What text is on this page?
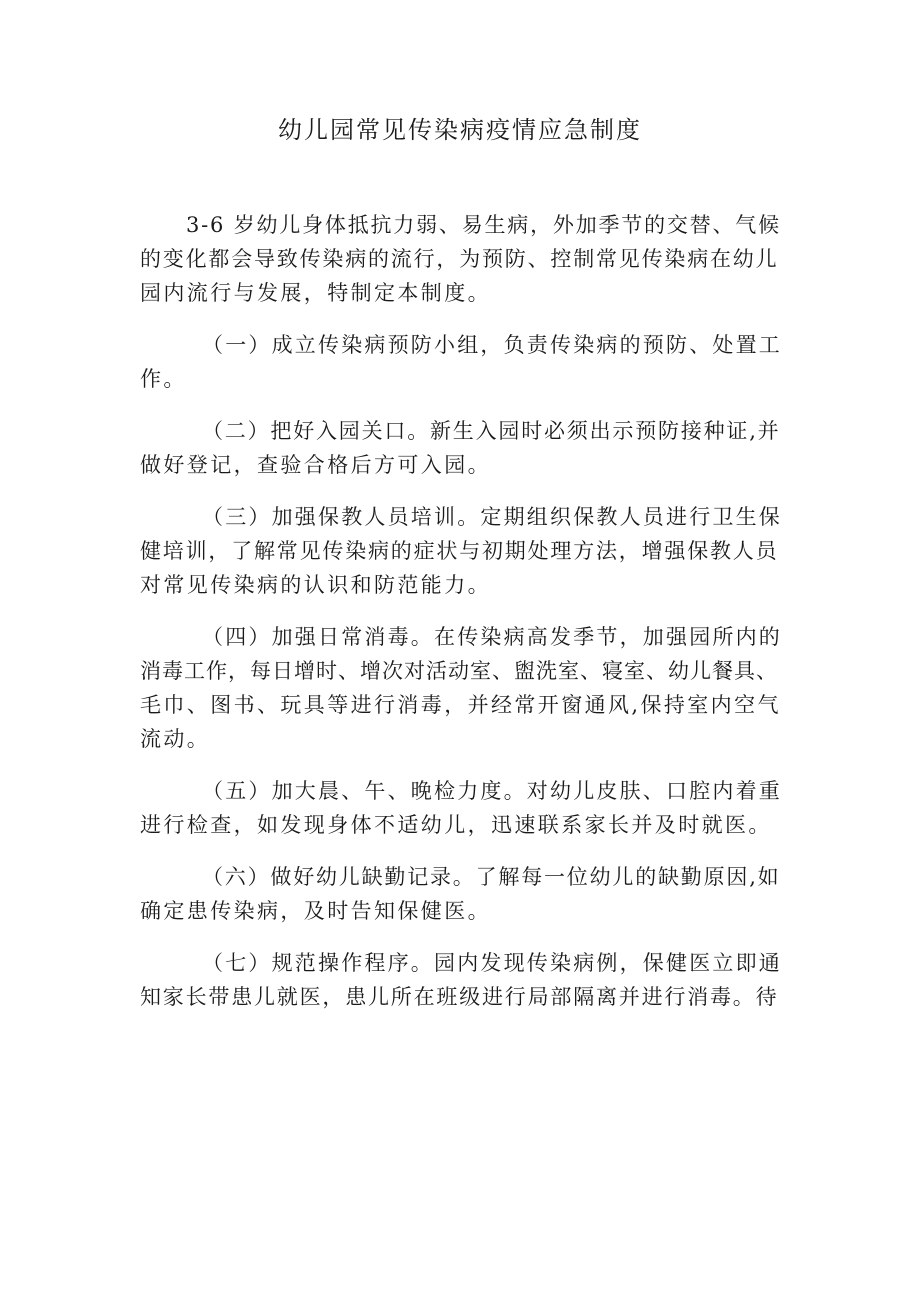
幼儿园常见传染病疫情应急制度
3-6 岁幼儿身体抵抗力弱、易生病，外加季节的交替、气候
的变化都会导致传染病的流行，为预防、控制常见传染病在幼儿
园内流行与发展，特制定本制度。
（一）成立传染病预防小组，负责传染病的预防、处置工
作。
（二）把好入园关口。新生入园时必须出示预防接种证,并
做好登记，查验合格后方可入园。
（三）加强保教人员培训。定期组织保教人员进行卫生保
健培训，了解常见传染病的症状与初期处理方法，增强保教人员
对常见传染病的认识和防范能力。
（四）加强日常消毒。在传染病高发季节，加强园所内的
消毒工作，每日增时、增次对活动室、盥洗室、寝室、幼儿餐具、
毛巾、图书、玩具等进行消毒，并经常开窗通风,保持室内空气
流动。
（五）加大晨、午、晚检力度。对幼儿皮肤、口腔内着重
进行检查，如发现身体不适幼儿，迅速联系家长并及时就医。
（六）做好幼儿缺勤记录。了解每一位幼儿的缺勤原因,如
确定患传染病，及时告知保健医。
（七）规范操作程序。园内发现传染病例，保健医立即通
知家长带患儿就医，患儿所在班级进行局部隔离并进行消毒。待
